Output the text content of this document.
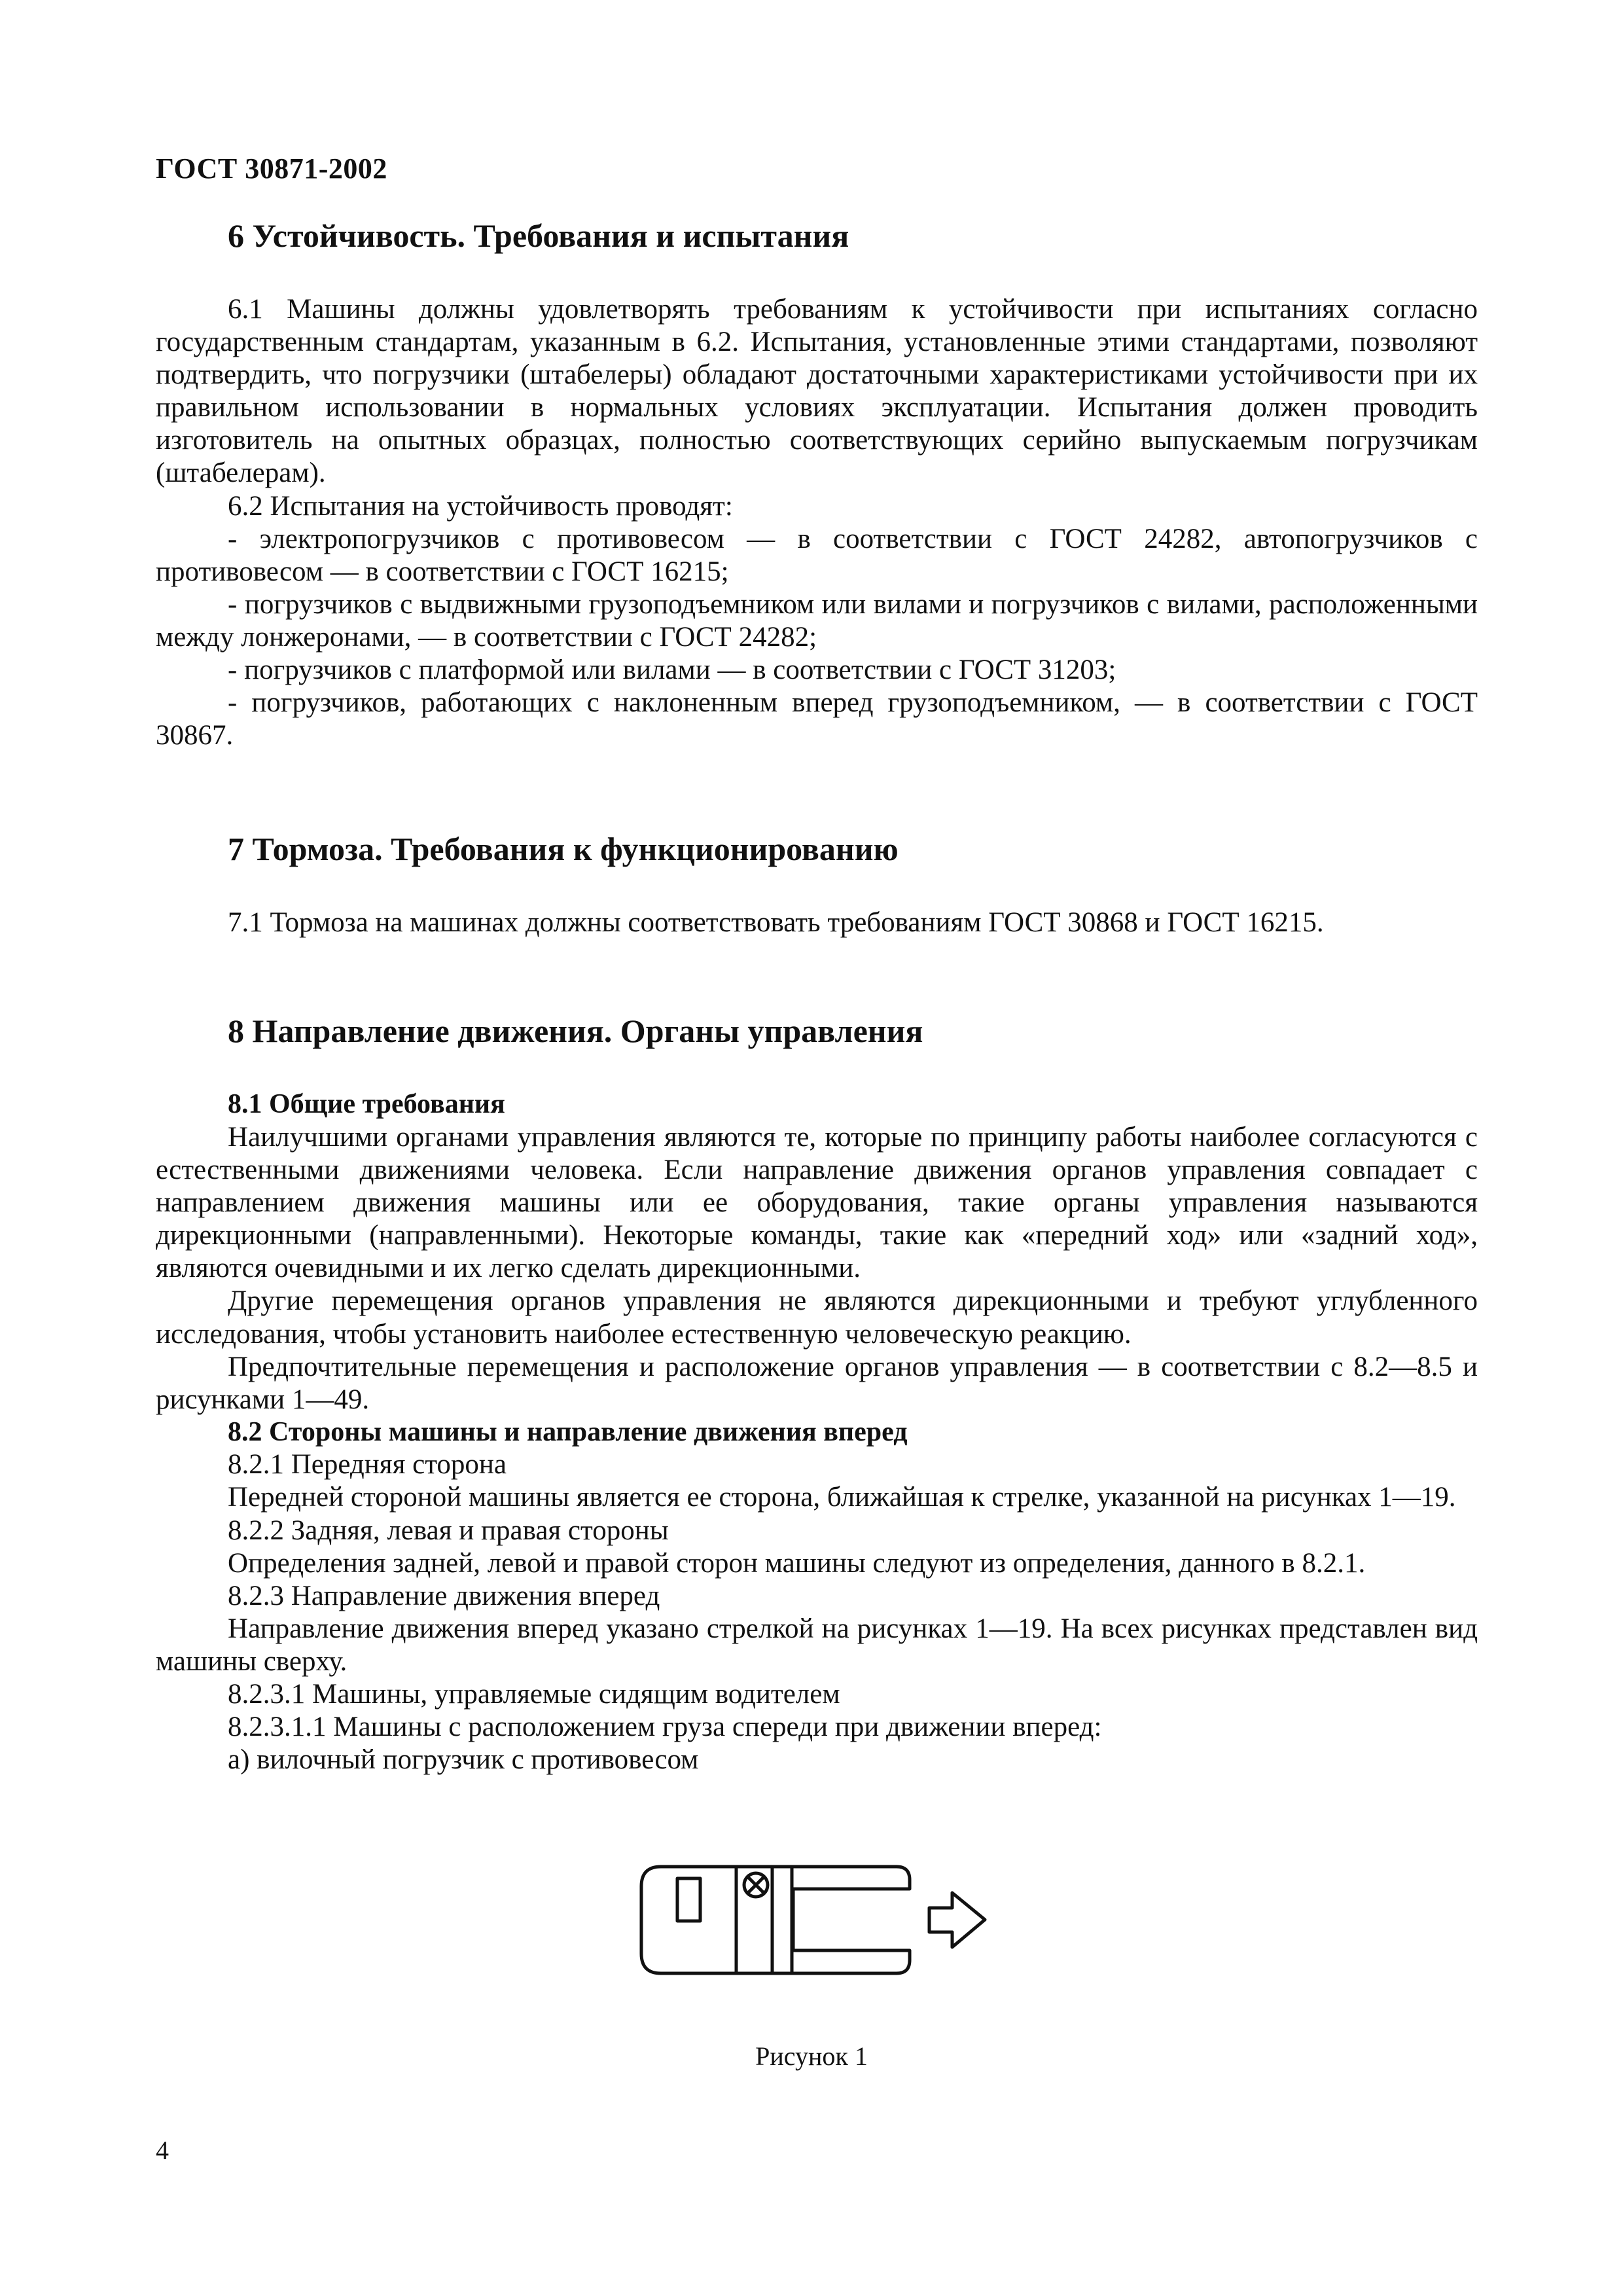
ГОСТ 30871-2002
6 Устойчивость. Требования и испытания

6.1 Машины должны удовлетворять требованиям к устойчивости при испытаниях согласно государственным стандартам, указанным в 6.2. Испытания, установленные этими стандартами, позволяют подтвердить, что погрузчики (штабелеры) обладают достаточными характеристиками устойчивости при их правильном использовании в нормальных условиях эксплуатации. Испытания должен проводить изготовитель на опытных образцах, полностью соответствующих серийно выпускаемым погрузчикам (штабелерам).

6.2 Испытания на устойчивость проводят:

- электропогрузчиков с противовесом — в соответствии с ГОСТ 24282, автопогрузчиков с противовесом — в соответствии с ГОСТ 16215;

- погрузчиков с выдвижными грузоподъемником или вилами и погрузчиков с вилами, расположенными между лонжеронами, — в соответствии с ГОСТ 24282;

- погрузчиков с платформой или вилами — в соответствии с ГОСТ 31203;

- погрузчиков, работающих с наклоненным вперед грузоподъемником, — в соответствии с ГОСТ 30867.

7 Тормоза. Требования к функционированию

7.1 Тормоза на машинах должны соответствовать требованиям ГОСТ 30868 и ГОСТ 16215.

8 Направление движения. Органы управления
8.1 Общие требования

Наилучшими органами управления являются те, которые по принципу работы наиболее согласуются с естественными движениями человека. Если направление движения органов управления совпадает с направлением движения машины или ее оборудования, такие органы управления называются дирекционными (направленными). Некоторые команды, такие как «передний ход» или «задний ход», являются очевидными и их легко сделать дирекционными.

Другие перемещения органов управления не являются дирекционными и требуют углубленного исследования, чтобы установить наиболее естественную человеческую реакцию.

Предпочтительные перемещения и расположение органов управления — в соответствии с 8.2—8.5 и рисунками 1—49.

8.2 Стороны машины и направление движения вперед

8.2.1 Передняя сторона

Передней стороной машины является ее сторона, ближайшая к стрелке, указанной на рисунках 1—19.

8.2.2 Задняя, левая и правая стороны

Определения задней, левой и правой сторон машины следуют из определения, данного в 8.2.1.

8.2.3 Направление движения вперед

Направление движения вперед указано стрелкой на рисунках 1—19. На всех рисунках представлен вид машины сверху.

8.2.3.1 Машины, управляемые сидящим водителем

8.2.3.1.1 Машины с расположением груза спереди при движении вперед:

а) вилочный погрузчик с противовесом

Рисунок 1
4
